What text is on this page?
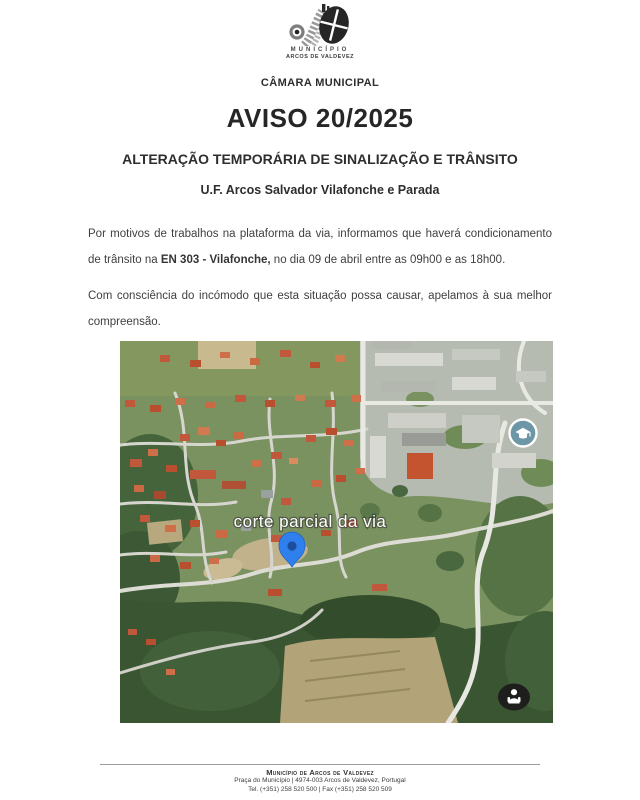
MUNICÍPIO
ARCOS DE VALDEVEZ
CÂMARA MUNICIPAL
AVISO 20/2025
ALTERAÇÃO TEMPORÁRIA DE SINALIZAÇÃO E TRÂNSITO
U.F. Arcos Salvador Vilafonche e Parada

Por motivos de trabalhos na plataforma da via, informamos que haverá condicionamento de trânsito na EN 303 - Vilafonche, no dia 09 de abril entre as 09h00 e as 18h00.

Com consciência do incómodo que esta situação possa causar, apelamos à sua melhor compreensão.

corte parcial da via
Município de Arcos de Valdevez
Praça do Município | 4974-003 Arcos de Valdevez, Portugal
Tel. (+351) 258 520 500 | Fax (+351) 258 520 509
